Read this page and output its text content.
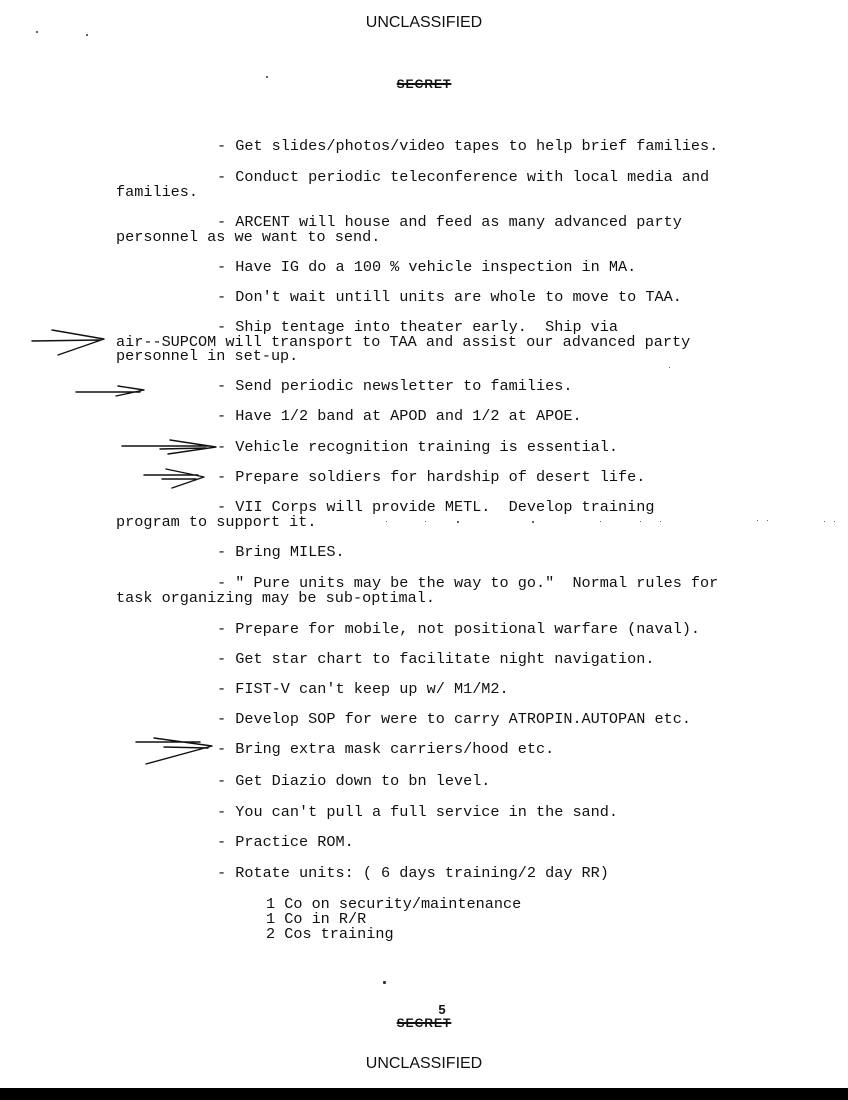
UNCLASSIFIED
SECRET
- Get slides/photos/video tapes to help brief families.
- Conduct periodic teleconference with local media and
families.
- ARCENT will house and feed as many advanced party
personnel as we want to send.
- Have IG do a 100 % vehicle inspection in MA.
- Don't wait untill units are whole to move to TAA.
- Ship tentage into theater early.  Ship via
air--SUPCOM will transport to TAA and assist our advanced party
personnel in set-up.
- Send periodic newsletter to families.
- Have 1/2 band at APOD and 1/2 at APOE.
- Vehicle recognition training is essential.
- Prepare soldiers for hardship of desert life.
- VII Corps will provide METL.  Develop training
program to support it.
- Bring MILES.
- " Pure units may be the way to go."  Normal rules for
task organizing may be sub-optimal.
- Prepare for mobile, not positional warfare (naval).
- Get star chart to facilitate night navigation.
- FIST-V can't keep up w/ M1/M2.
- Develop SOP for were to carry ATROPIN.AUTOPAN etc.
- Bring extra mask carriers/hood etc.
- Get Diazio down to bn level.
- You can't pull a full service in the sand.
- Practice ROM.
- Rotate units: ( 6 days training/2 day RR)
1 Co on security/maintenance
1 Co in R/R
2 Cos training
5
SECRET
UNCLASSIFIED
